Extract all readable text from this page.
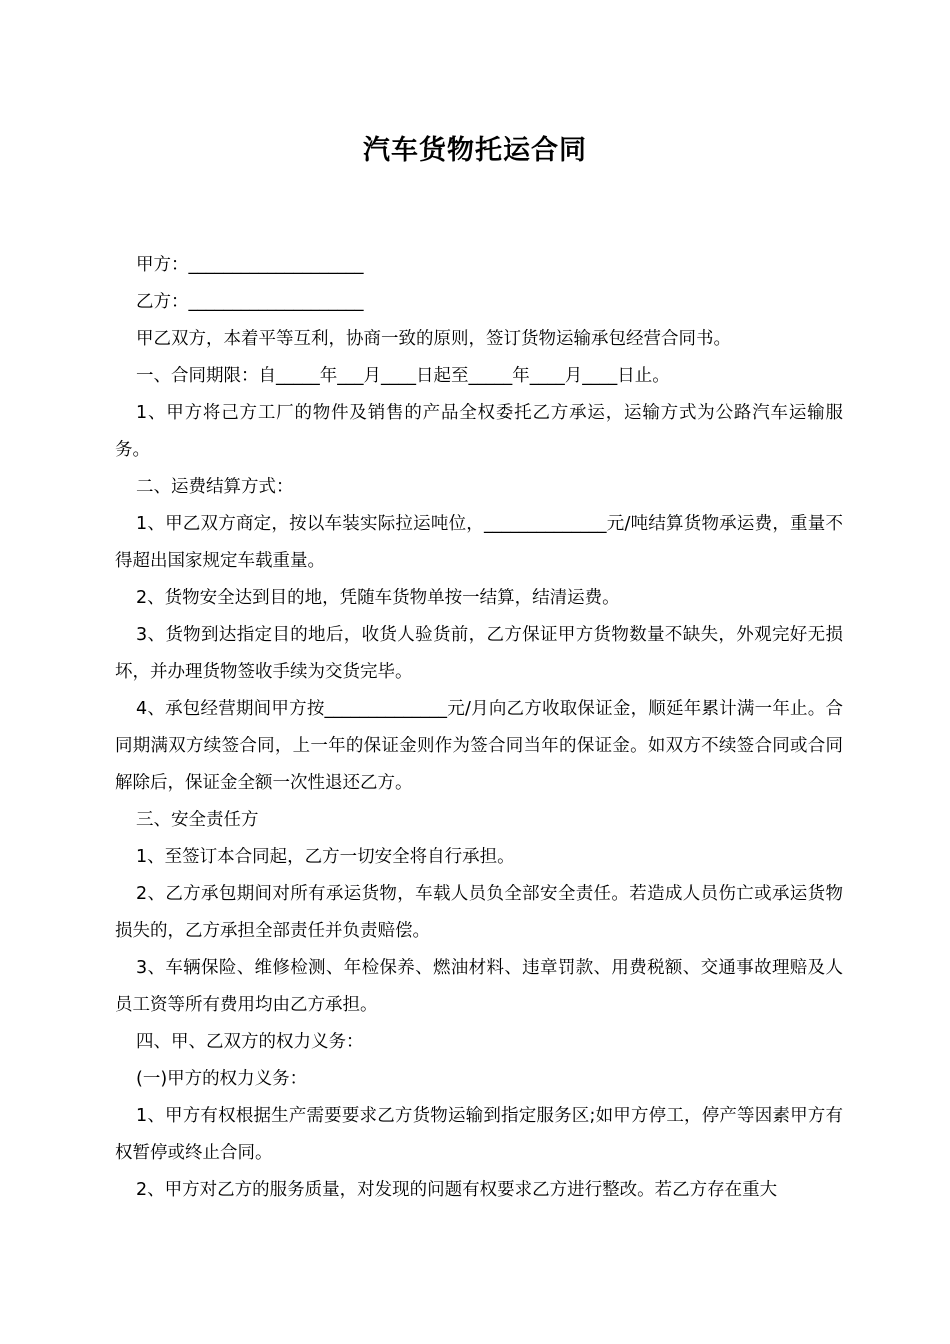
汽车货物托运合同

甲方：____________________

乙方：____________________

甲乙双方，本着平等互利，协商一致的原则，签订货物运输承包经营合同书。

一、合同期限：自_____年___月____日起至_____年____月____日止。

1、甲方将己方工厂的物件及销售的产品全权委托乙方承运，运输方式为公路汽车运输服务。

二、运费结算方式：

1、甲乙双方商定，按以车装实际拉运吨位，______________元/吨结算货物承运费，重量不得超出国家规定车载重量。

2、货物安全达到目的地，凭随车货物单按一结算，结清运费。

3、货物到达指定目的地后，收货人验货前，乙方保证甲方货物数量不缺失，外观完好无损坏，并办理货物签收手续为交货完毕。

4、承包经营期间甲方按______________元/月向乙方收取保证金，顺延年累计满一年止。合同期满双方续签合同，上一年的保证金则作为签合同当年的保证金。如双方不续签合同或合同解除后，保证金全额一次性退还乙方。

三、安全责任方

1、至签订本合同起，乙方一切安全将自行承担。

2、乙方承包期间对所有承运货物，车载人员负全部安全责任。若造成人员伤亡或承运货物损失的，乙方承担全部责任并负责赔偿。

3、车辆保险、维修检测、年检保养、燃油材料、违章罚款、用费税额、交通事故理赔及人员工资等所有费用均由乙方承担。

四、甲、乙双方的权力义务：

(一)甲方的权力义务：

1、甲方有权根据生产需要要求乙方货物运输到指定服务区;如甲方停工，停产等因素甲方有权暂停或终止合同。

2、甲方对乙方的服务质量，对发现的问题有权要求乙方进行整改。若乙方存在重大
